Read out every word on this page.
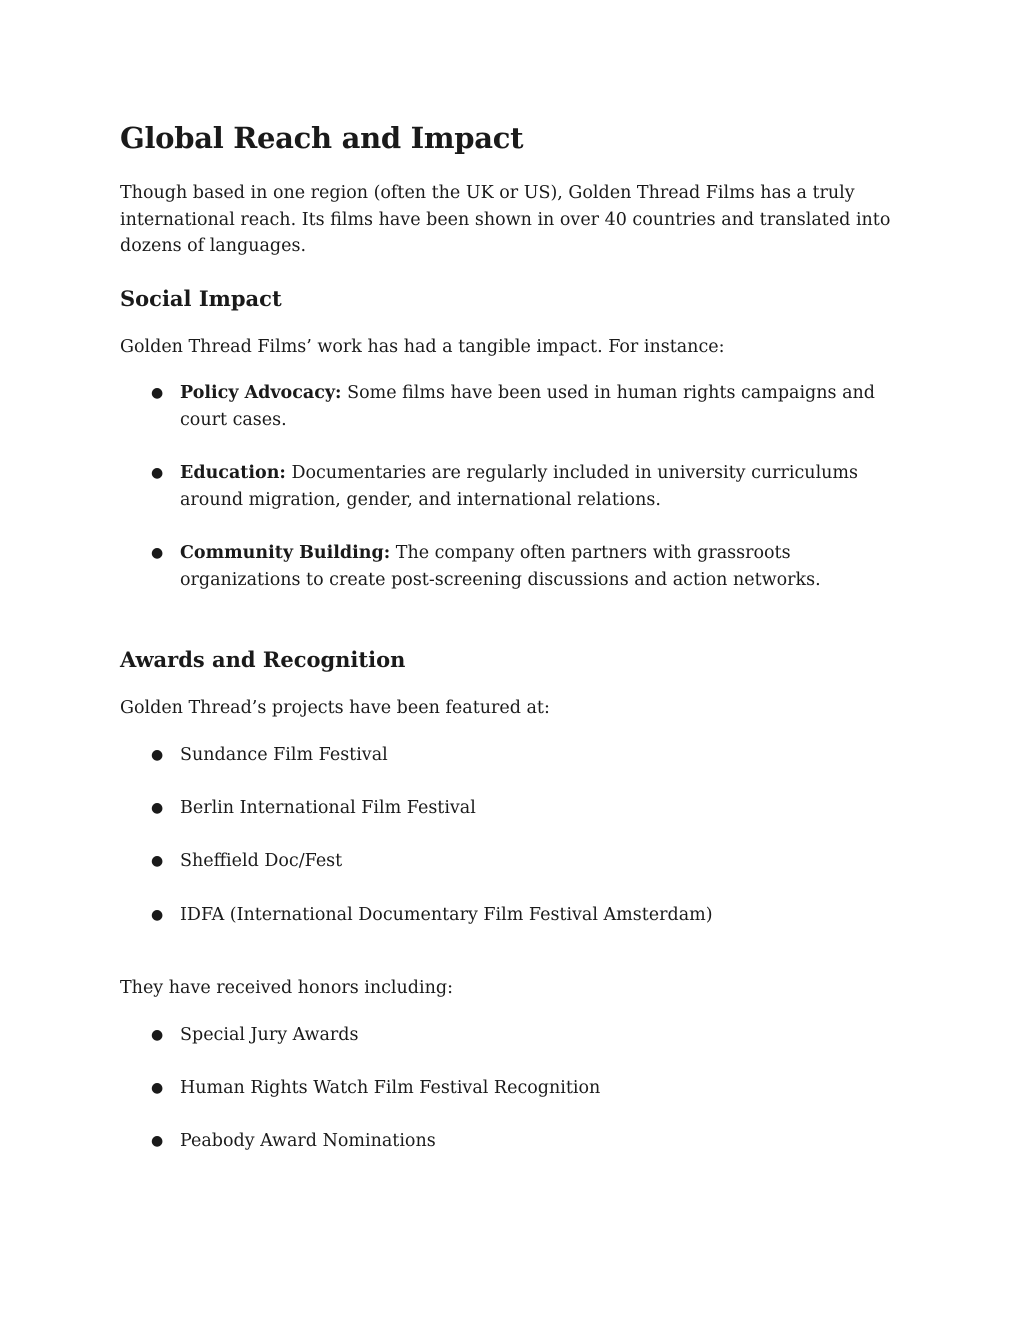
Global Reach and Impact

Though based in one region (often the UK or US), Golden Thread Films has a truly international reach. Its films have been shown in over 40 countries and translated into dozens of languages.

Social Impact

Golden Thread Films’ work has had a tangible impact. For instance:

● Policy Advocacy: Some films have been used in human rights campaigns and court cases.
● Education: Documentaries are regularly included in university curriculums around migration, gender, and international relations.
● Community Building: The company often partners with grassroots organizations to create post-screening discussions and action networks.
Awards and Recognition

Golden Thread’s projects have been featured at:

● Sundance Film Festival
● Berlin International Film Festival
● Sheffield Doc/Fest
● IDFA (International Documentary Film Festival Amsterdam)

They have received honors including:

● Special Jury Awards
● Human Rights Watch Film Festival Recognition
● Peabody Award Nominations
